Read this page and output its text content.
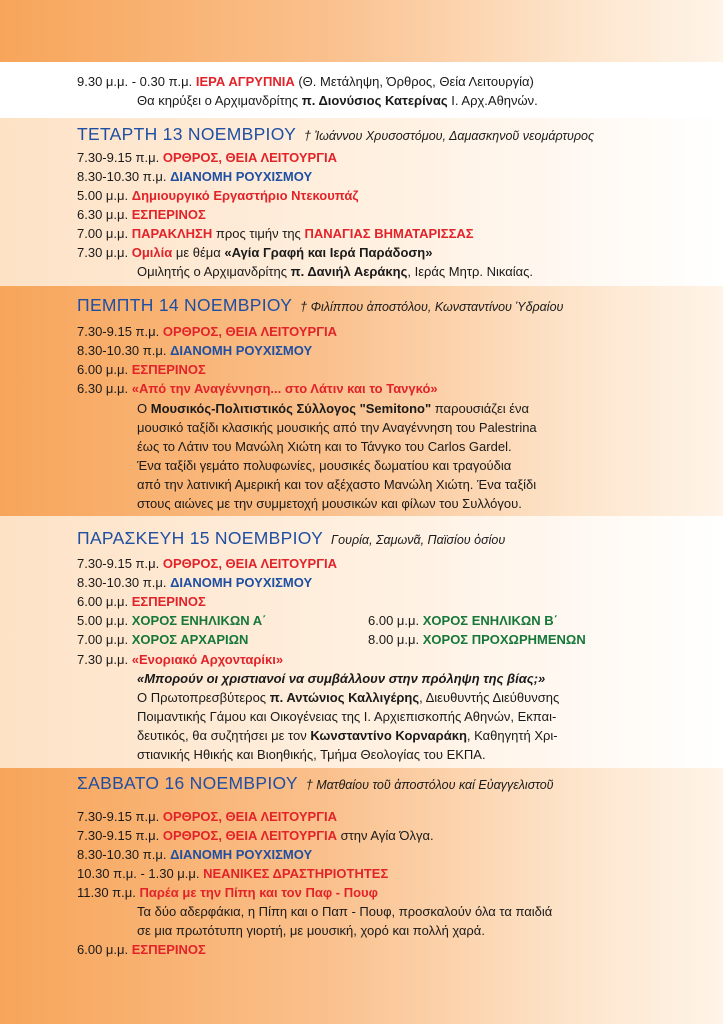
9.30 μ.μ. - 0.30 π.μ. ΙΕΡΑ ΑΓΡΥΠΝΙΑ (Θ. Μετάληψη, Όρθρος, Θεία Λειτουργία)
Θα κηρύξει ο Αρχιμανδρίτης π. Διονύσιος Κατερίνας Ι. Αρχ.Αθηνών.
ΤΕΤΑΡΤΗ 13 ΝΟΕΜΒΡΙΟΥ † Ἰωάννου Χρυσοστόμου, Δαμασκηνοῦ νεομάρτυρος
7.30-9.15 π.μ. ΟΡΘΡΟΣ, ΘΕΙΑ ΛΕΙΤΟΥΡΓΙΑ
8.30-10.30 π.μ. ΔΙΑΝΟΜΗ ΡΟΥΧΙΣΜΟΥ
5.00 μ.μ. Δημιουργικό Εργαστήριο Ντεκουπάζ
6.30 μ.μ. ΕΣΠΕΡΙΝΟΣ
7.00 μ.μ. ΠΑΡΑΚΛΗΣΗ προς τιμήν της ΠΑΝΑΓΙΑΣ ΒΗΜΑΤΑΡΙΣΣΑΣ
7.30 μ.μ. Ομιλία με θέμα «Αγία Γραφή και Ιερά Παράδοση»
Ομιλητής ο Αρχιμανδρίτης π. Δανιήλ Αεράκης, Ιεράς Μητρ. Νικαίας.
ΠΕΜΠΤΗ 14 ΝΟΕΜΒΡΙΟΥ † Φιλίππου ἀποστόλου, Κωνσταντίνου Ὑδραίου
7.30-9.15 π.μ. ΟΡΘΡΟΣ, ΘΕΙΑ ΛΕΙΤΟΥΡΓΙΑ
8.30-10.30 π.μ. ΔΙΑΝΟΜΗ ΡΟΥΧΙΣΜΟΥ
6.00 μ.μ. ΕΣΠΕΡΙΝΟΣ
6.30 μ.μ. «Από την Αναγέννηση... στο Λάτιν και το Τανγκό»
Ο Μουσικός-Πολιτιστικός Σύλλογος "Semitono" παρουσιάζει ένα
μουσικό ταξίδι κλασικής μουσικής από την Αναγέννηση του Palestrina
έως το Λάτιν του Μανώλη Χιώτη και το Τάνγκο του Carlos Gardel.
Ένα ταξίδι γεμάτο πολυφωνίες, μουσικές δωματίου και τραγούδια
από την λατινική Αμερική και τον αξέχαστο Μανώλη Χιώτη. Ένα ταξίδι
στους αιώνες με την συμμετοχή μουσικών και φίλων του Συλλόγου.
ΠΑΡΑΣΚΕΥΗ 15 ΝΟΕΜΒΡΙΟΥ Γουρία, Σαμωνᾶ, Παϊσίου ὁσίου
7.30-9.15 π.μ. ΟΡΘΡΟΣ, ΘΕΙΑ ΛΕΙΤΟΥΡΓΙΑ
8.30-10.30 π.μ. ΔΙΑΝΟΜΗ ΡΟΥΧΙΣΜΟΥ
6.00 μ.μ. ΕΣΠΕΡΙΝΟΣ
5.00 μ.μ. ΧΟΡΟΣ ΕΝΗΛΙΚΩΝ Α΄	6.00 μ.μ. ΧΟΡΟΣ ΕΝΗΛΙΚΩΝ Β΄
7.00 μ.μ. ΧΟΡΟΣ ΑΡΧΑΡΙΩΝ	8.00 μ.μ. ΧΟΡΟΣ ΠΡΟΧΩΡΗΜΕΝΩΝ
7.30 μ.μ. «Ενοριακό Αρχονταρίκι»
«Μπορούν οι χριστιανοί να συμβάλλουν στην πρόληψη της βίας;»
Ο Πρωτοπρεσβύτερος π. Αντώνιος Καλλιγέρης, Διευθυντής Διεύθυνσης
Ποιμαντικής Γάμου και Οικογένειας της Ι. Αρχιεπισκοπής Αθηνών, Εκπαι-
δευτικός, θα συζητήσει με τον Κωνσταντίνο Κορναράκη, Καθηγητή Χρι-
στιανικής Ηθικής και Βιοηθικής, Τμήμα Θεολογίας του ΕΚΠΑ.
ΣΑΒΒΑΤΟ 16 ΝΟΕΜΒΡΙΟΥ † Ματθαίου τοῦ ἀποστόλου καί Εὐαγγελιστοῦ
7.30-9.15 π.μ. ΟΡΘΡΟΣ, ΘΕΙΑ ΛΕΙΤΟΥΡΓΙΑ
7.30-9.15 π.μ. ΟΡΘΡΟΣ, ΘΕΙΑ ΛΕΙΤΟΥΡΓΙΑ στην Αγία Όλγα.
8.30-10.30 π.μ. ΔΙΑΝΟΜΗ ΡΟΥΧΙΣΜΟΥ
10.30 π.μ. - 1.30 μ.μ. ΝΕΑΝΙΚΕΣ ΔΡΑΣΤΗΡΙΟΤΗΤΕΣ
11.30 π.μ. Παρέα με την Πίπη και τον Παφ - Πουφ
Τα δύο αδερφάκια, η Πίπη και ο Παπ - Πουφ, προσκαλούν όλα τα παιδιά
σε μια πρωτότυπη γιορτή, με μουσική, χορό και πολλή χαρά.
6.00 μ.μ. ΕΣΠΕΡΙΝΟΣ
